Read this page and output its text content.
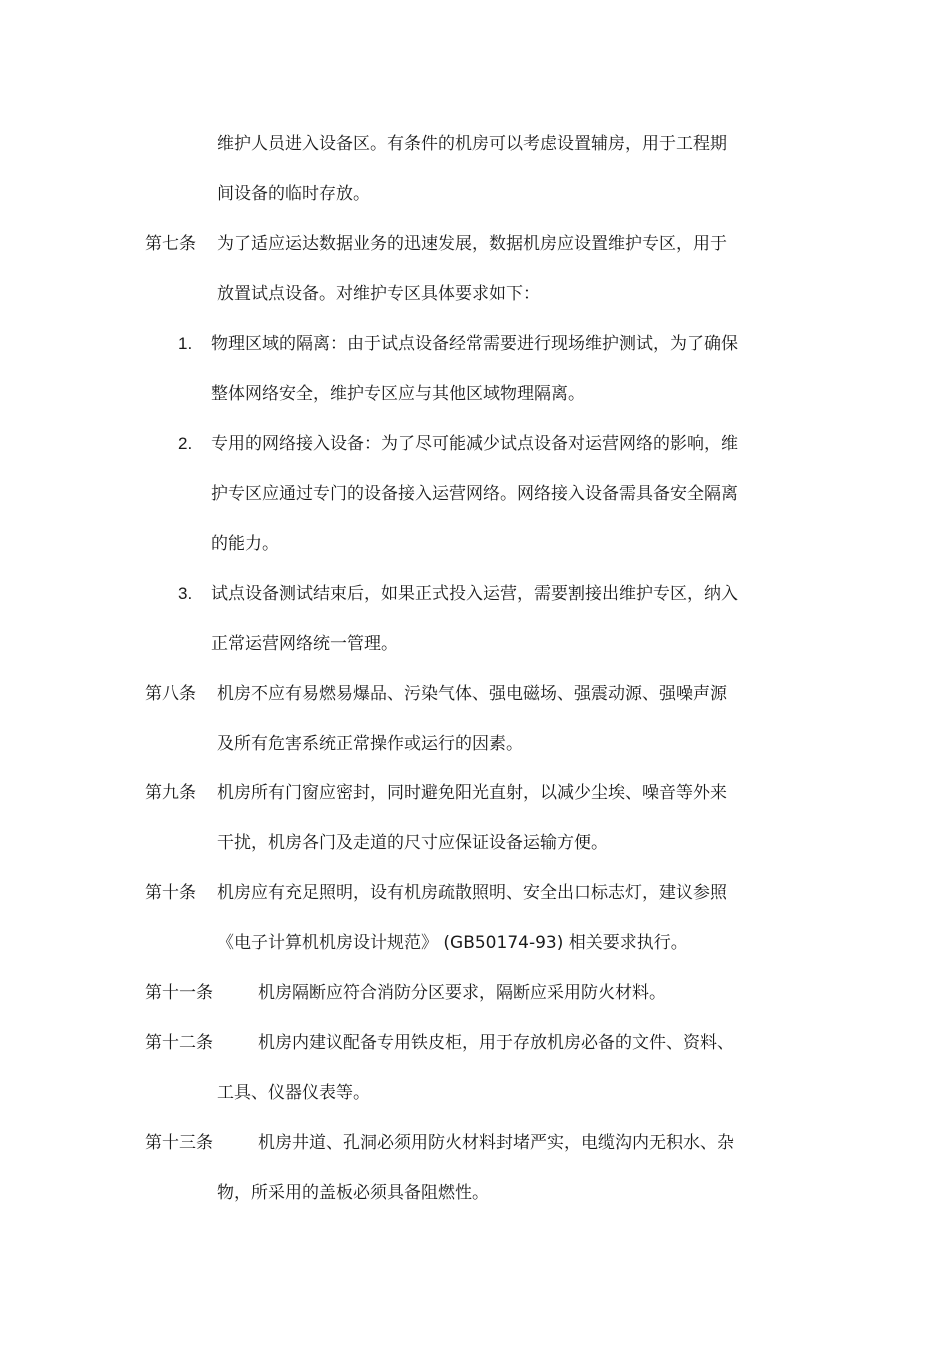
维护人员进入设备区。有条件的机房可以考虑设置辅房，用于工程期
间设备的临时存放。
第七条 为了适应运达数据业务的迅速发展，数据机房应设置维护专区，用于
放置试点设备。对维护专区具体要求如下：
1. 物理区域的隔离：由于试点设备经常需要进行现场维护测试，为了确保
整体网络安全，维护专区应与其他区域物理隔离。
2. 专用的网络接入设备：为了尽可能减少试点设备对运营网络的影响，维
护专区应通过专门的设备接入运营网络。网络接入设备需具备安全隔离
的能力。
3. 试点设备测试结束后，如果正式投入运营，需要割接出维护专区，纳入
正常运营网络统一管理。
第八条 机房不应有易燃易爆品、污染气体、强电磁场、强震动源、强噪声源
及所有危害系统正常操作或运行的因素。
第九条 机房所有门窗应密封，同时避免阳光直射，以减少尘埃、噪音等外来
干扰，机房各门及走道的尺寸应保证设备运输方便。
第十条 机房应有充足照明，设有机房疏散照明、安全出口标志灯，建议参照
《电子计算机机房设计规范》 (GB50174-93) 相关要求执行。
第十一条	机房隔断应符合消防分区要求，隔断应采用防火材料。
第十二条	机房内建议配备专用铁皮柜，用于存放机房必备的文件、资料、
工具、仪器仪表等。
第十三条	机房井道、孔洞必须用防火材料封堵严实，电缆沟内无积水、杂
物，所采用的盖板必须具备阻燃性。
